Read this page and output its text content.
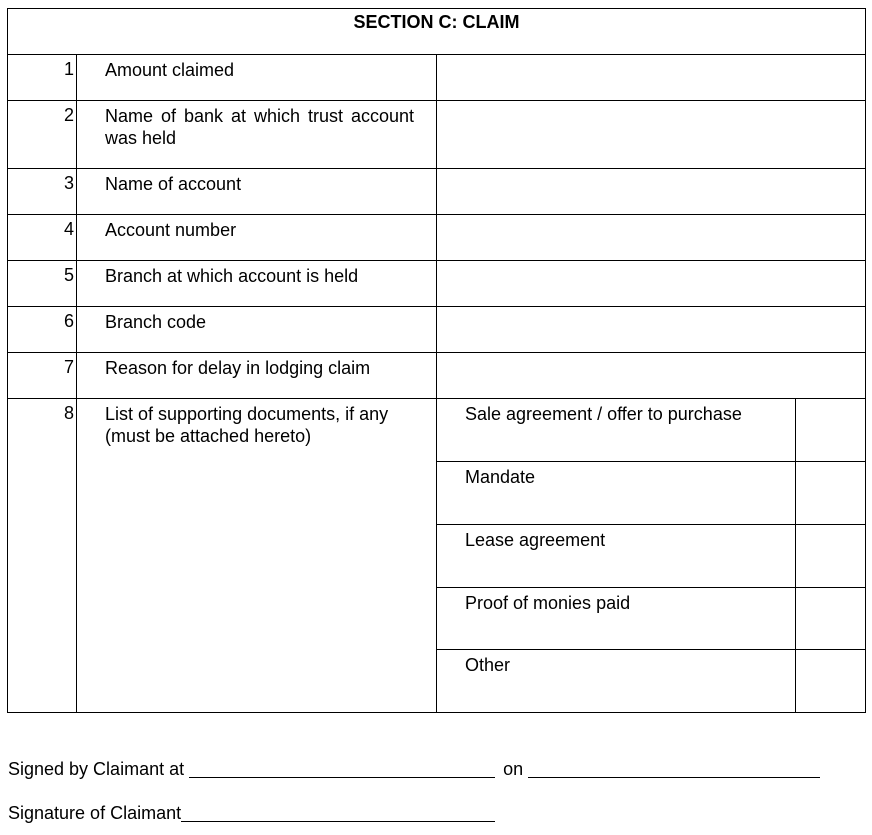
SECTION C: CLAIM			
1	Amount claimed		
2	Name of bank at which trust account was held		
3	Name of account		
4	Account number		
5	Branch at which account is held		
6	Branch code		
7	Reason for delay in lodging claim		
8	List of supporting documents, if any (must be attached hereto)	Sale agreement / offer to purchase	
		Mandate	
		Lease agreement	
		Proof of monies paid	
		Other	
Signed by Claimant at	on
Signature of Claimant
